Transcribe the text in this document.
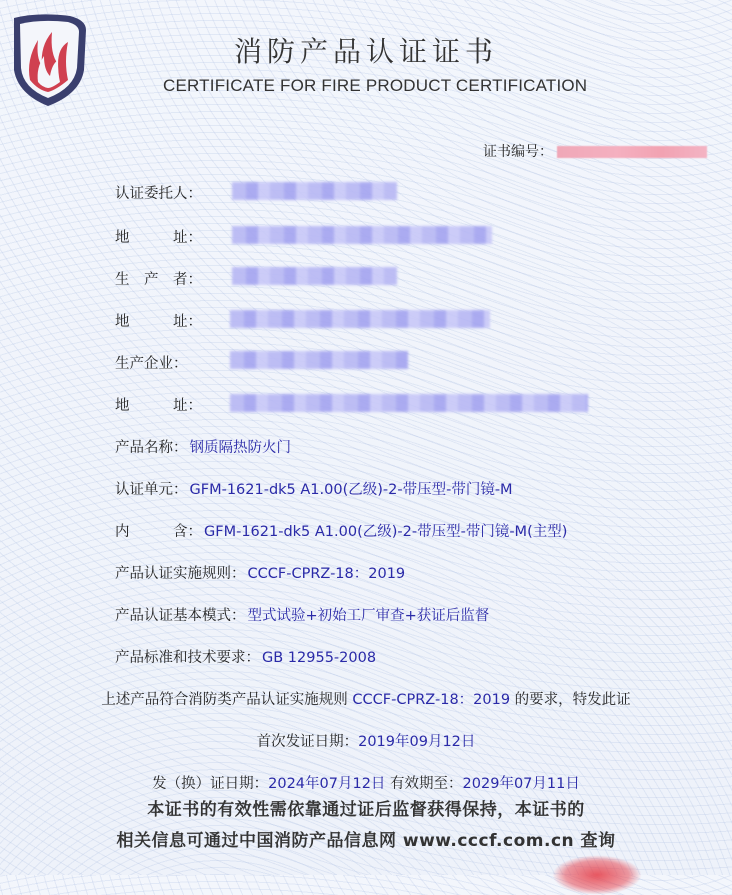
消防产品认证证书
CERTIFICATE FOR FIRE PRODUCT CERTIFICATION
证书编号：
认证委托人：
地　　　址：
生　产　者：
地　　　址：
生产企业：
地　　　址：
产品名称： 钢质隔热防火门
认证单元： GFM-1621-dk5 A1.00(乙级)-2-带压型-带门镜-M
内　　　含： GFM-1621-dk5 A1.00(乙级)-2-带压型-带门镜-M(主型)
产品认证实施规则： CCCF-CPRZ-18：2019
产品认证基本模式： 型式试验+初始工厂审查+获证后监督
产品标准和技术要求： GB 12955-2008
上述产品符合消防类产品认证实施规则 CCCF-CPRZ-18：2019 的要求，特发此证
首次发证日期：2019年09月12日
发（换）证日期：2024年07月12日 有效期至：2029年07月11日
本证书的有效性需依靠通过证后监督获得保持，本证书的
相关信息可通过中国消防产品信息网 www.cccf.com.cn 查询
